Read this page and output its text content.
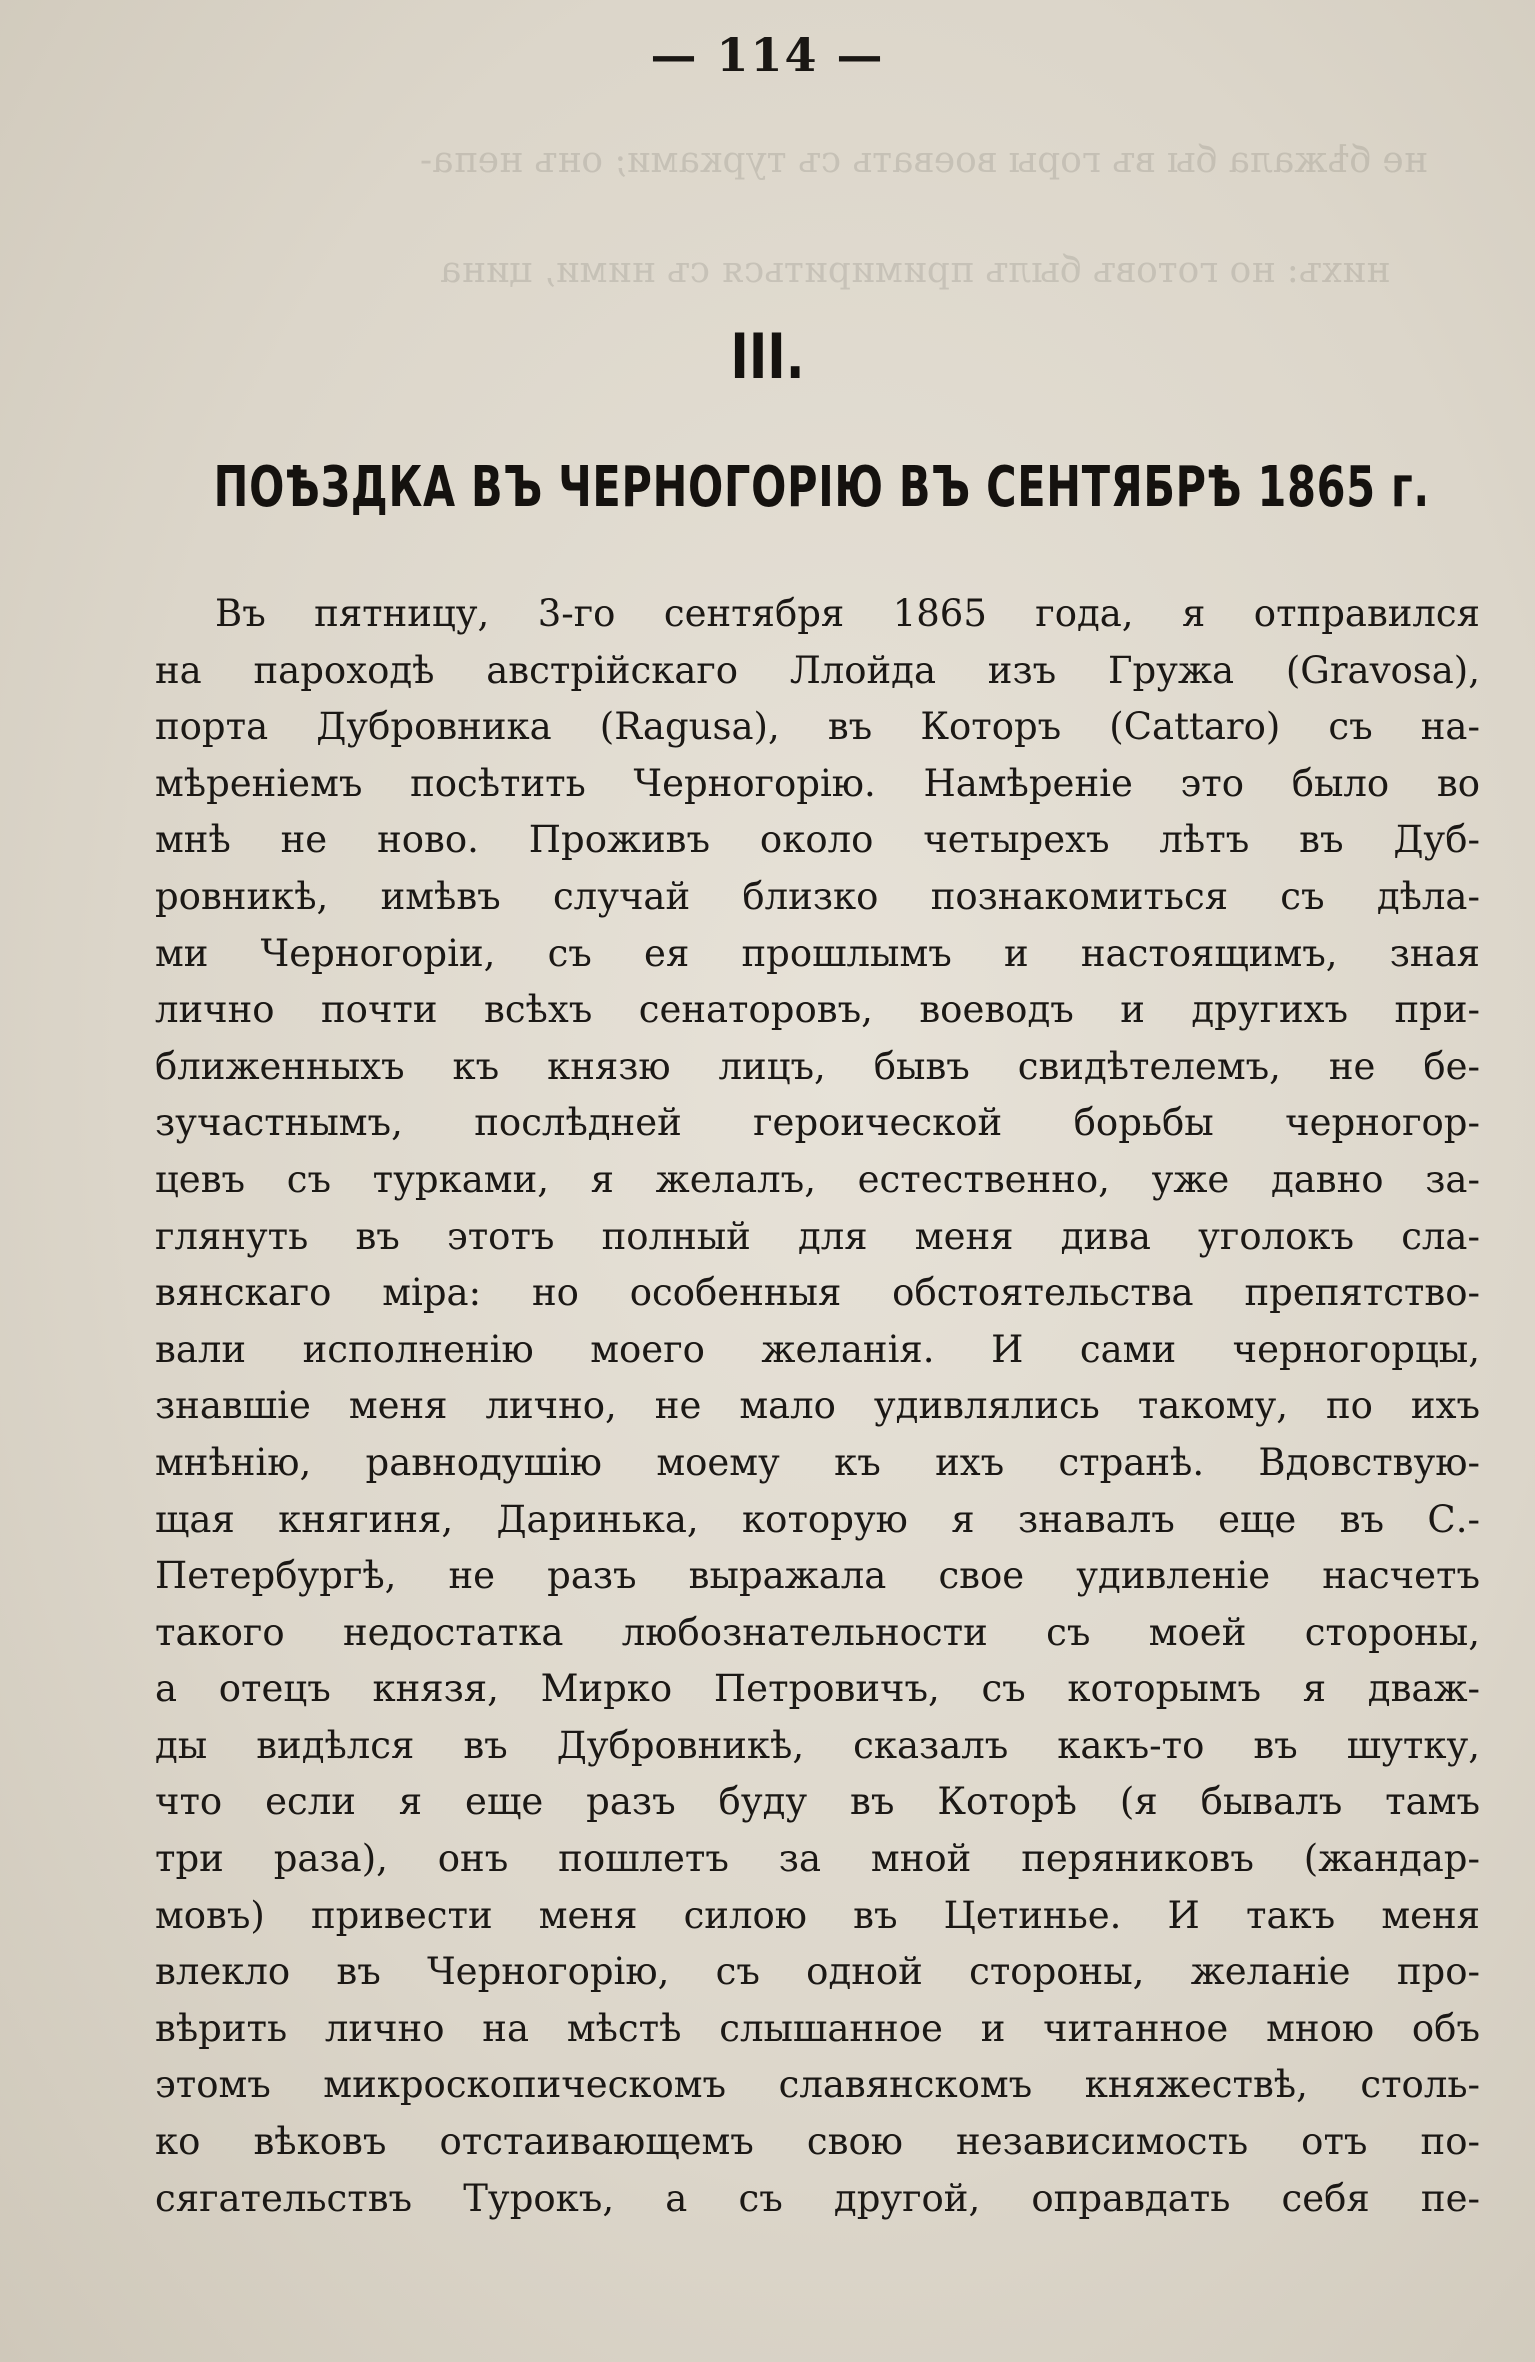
не бѣжала бы въ горы воевать съ турками; онъ непа-
нихъ: но готовъ былъ примириться съ ними, цина
— 114 —
III.
ПОѢЗДКА ВЪ ЧЕРНОГОРІЮ ВЪ СЕНТЯБРѢ 1865 г.
Въ пятницу, 3-го сентября 1865 года, я отправился
на пароходѣ австрійскаго Ллойда изъ Гружа (Gravosa),
порта Дубровника (Ragusa), въ Которъ (Cattaro) съ на-
мѣреніемъ посѣтить Черногорію. Намѣреніе это было во
мнѣ не ново. Проживъ около четырехъ лѣтъ въ Дуб-
ровникѣ, имѣвъ случай близко познакомиться съ дѣла-
ми Черногоріи, съ ея прошлымъ и настоящимъ, зная
лично почти всѣхъ сенаторовъ, воеводъ и другихъ при-
ближенныхъ къ князю лицъ, бывъ свидѣтелемъ, не бе-
зучастнымъ, послѣдней героической борьбы черногор-
цевъ съ турками, я желалъ, естественно, уже давно за-
глянуть въ этотъ полный для меня дива уголокъ сла-
вянскаго міра: но особенныя обстоятельства препятство-
вали исполненію моего желанія. И сами черногорцы,
знавшіе меня лично, не мало удивлялись такому, по ихъ
мнѣнію, равнодушію моему къ ихъ странѣ. Вдовствую-
щая княгиня, Даринька, которую я знавалъ еще въ С.-
Петербургѣ, не разъ выражала свое удивленіе насчетъ
такого недостатка любознательности съ моей стороны,
а отецъ князя, Мирко Петровичъ, съ которымъ я дваж-
ды видѣлся въ Дубровникѣ, сказалъ какъ-то въ шутку,
что если я еще разъ буду въ Которѣ (я бывалъ тамъ
три раза), онъ пошлетъ за мной перяниковъ (жандар-
мовъ) привести меня силою въ Цетинье. И такъ меня
влекло въ Черногорію, съ одной стороны, желаніе про-
вѣрить лично на мѣстѣ слышанное и читанное мною объ
этомъ микроскопическомъ славянскомъ княжествѣ, столь-
ко вѣковъ отстаивающемъ свою независимость отъ по-
сягательствъ Турокъ, а съ другой, оправдать себя пе-
